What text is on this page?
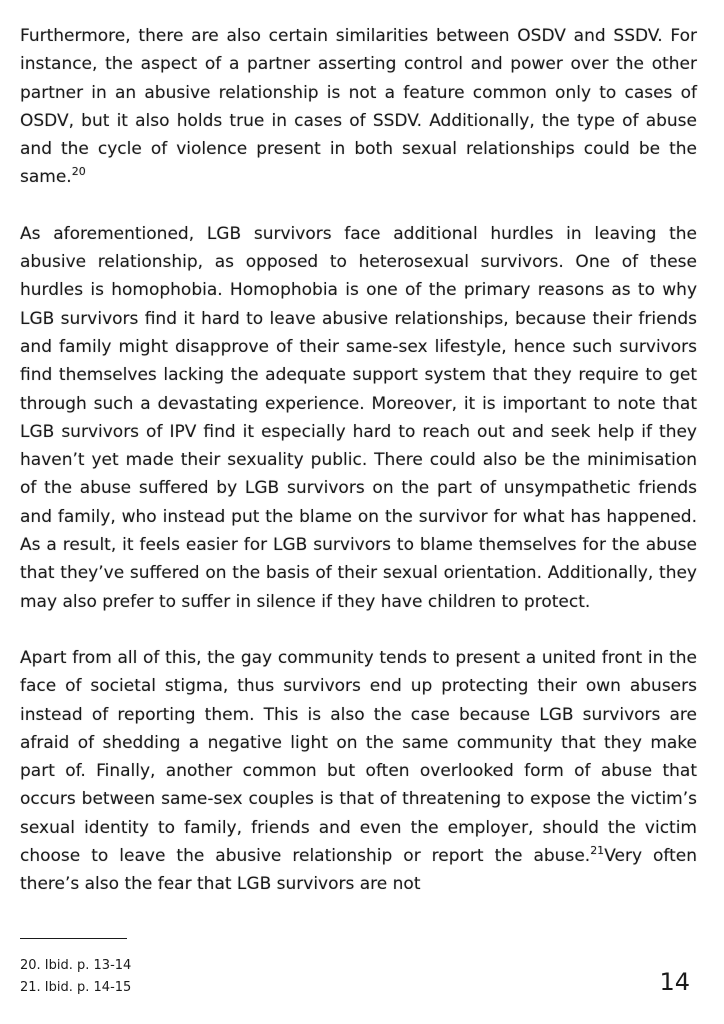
Furthermore, there are also certain similarities between OSDV and SSDV. For instance, the aspect of a partner asserting control and power over the other partner in an abusive relationship is not a feature common only to cases of OSDV, but it also holds true in cases of SSDV. Additionally, the type of abuse and the cycle of violence present in both sexual relationships could be the same.$^{20}$

As aforementioned, LGB survivors face additional hurdles in leaving the abusive relationship, as opposed to heterosexual survivors. One of these hurdles is homophobia. Homophobia is one of the primary reasons as to why LGB survivors find it hard to leave abusive relationships, because their friends and family might disapprove of their same-sex lifestyle, hence such survivors find themselves lacking the adequate support system that they require to get through such a devastating experience. Moreover, it is important to note that LGB survivors of IPV find it especially hard to reach out and seek help if they haven’t yet made their sexuality public. There could also be the minimisation of the abuse suffered by LGB survivors on the part of unsympathetic friends and family, who instead put the blame on the survivor for what has happened. As a result, it feels easier for LGB survivors to blame themselves for the abuse that they’ve suffered on the basis of their sexual orientation. Additionally, they may also prefer to suffer in silence if they have children to protect.

Apart from all of this, the gay community tends to present a united front in the face of societal stigma, thus survivors end up protecting their own abusers instead of reporting them. This is also the case because LGB survivors are afraid of shedding a negative light on the same community that they make part of. Finally, another common but often overlooked form of abuse that occurs between same-sex couples is that of threatening to expose the victim’s sexual identity to family, friends and even the employer, should the victim choose to leave the abusive relationship or report the abuse.$^{21}$Very often there’s also the fear that LGB survivors are not

20. Ibid. p. 13-14
21. Ibid. p. 14-15	14
